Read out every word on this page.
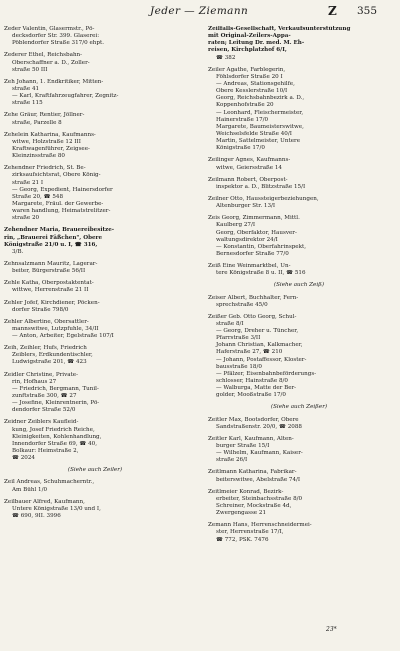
Jeder — Ziemann	Z 355
Zeder Valentin, Glasermstr., Pö-
decksdorfer Str. 399. Glaserei:
Pöblendorfer Straße 317/0 ehpt.
Zederer Ethel, Reichsbahn-
Oberschaffner a. D., Zoller-
straße 50 III
Zeh Johann, 1. Endkritiker, Mitten-
straße 41
— Karl, Kraftfahrzeugfahrer, Zegnitz-
straße 115
Zehe Gräur, Rentier, Jöllner-
straße, Parzelle 8
Zehelein Katharina, Kaufmanns-
witwe, Holzstraße 12 III
Kraftwagenführer, Zeigsee-
Kleinzinsstraße 80
Zehendner Friedrich, St. Be-
zirksaufsichtsrat, Obere König-
straße 21 I
— Georg, Expedient, Hainersdorfer
Straße 20, ☎ 548
Margarete, Fräul. der Gewerbe-
waren handlung, Heimatstrelitzer-
straße 20
Zehendner Maria, Brauereibesitze-
rin, „Brauerei Fäßchen", Obere
Königstraße 21/0 u. I, ☎ 316,
3/B.
Zehnsalzmann Mauritz, Lagerar-
beiter, Bürgerstraße 56/II
Zehle Katha, Oberpostaktentat-
wittwe, Herrenstraße 21 II
Zehler Jofef, Kirchdiener, Pöcken-
dorfer Straße 798/0
Zehler Albertine, Obersattler-
mannswitwe, Lutzpfuhle, 34/II
— Anton, Arbeiter, Egelstraße 107/I
Zeih, Zeihler, Hufs, Friedrich
Zeiblers, Erdkundentischler,
Ludwigstraße 201, ☎ 423
Zeidler Christine, Private-
rin, Hofhaus 27
— Friedrich, Bergmann, Tunil-
zunftstraße 300, ☎ 27
— Josefine, Kleinrentnerin, Pö-
dendorfer Straße 52/0
Zeidner Zeiblers Kaufleid-
kung, Josef Friedrich Reiche,
Kleinigkeiten, Kohlenhandlung,
Innendorfer Straße 69, ☎ 40,
Bolkaur: Heimstraße 2,
☎ 2024
(Siehe auch Zeiler)
Zeil Andreas, Schuhmacherntr.,
Am Bühl 1/0
Zeilbauer Alfred, Kaufmann,
Untere Königstraße 13/0 und I,
☎ 690, 9II. 3996
Zeilfalls-Gesellschaft, Verkaufsunterstützung
mit Original-Zeilers-Appa-
raten; Leitung Dr. med. M. Eh-
reisen, Kirchplatzhof 6/I,
☎ 382
Zeiler Agathe, Farblegerin,
Föhlsdorfer Straße 20 I
— Andreas, Stationsgehilfe,
Obere Kesslerstraße 10/I
Georg, Reichsbahnbezirk a. D.,
Koppenhofstraße 20
— Leonhard, Fleischermeister,
Hainerstraße 17/0
Margarete, Baumeisterswitwe,
Weichselsfelde Straße 40/I
Martin, Sattelmeister, Untere
Königstraße 17/0
Zeilinger Agnes, Kaufmanns-
witwe, Geiersstraße 14
Zeilmann Robert, Oberpost-
inspektor a. D., Blitzstraße 15/I
Zeilner Otto, Haussteigerbeziehungen,
Altenburger Str. 13/I
Zeis Georg, Zimmermann, Mittl.
Kaulberg 27/I
Georg, Oberfaktor, Hausver-
waltungsdirektor 24/I
— Konstantin, Oberfahrinspekt,
Bernesdorfer Straße 77/0
Zeiß Eine Weinmarktbel, Un-
tere Königstraße 8 u. II, ☎ 516
(Siehe auch Zeiß)
Zeiser Albert, Buchhalter, Fern-
sprechstraße 45/0
Zeißer Geb. Otto Georg, Schul-
straße 8/I
— Georg, Dreher u. Tüncher,
Pfarrstraße 3/II
Johann Christian, Kalkmacher,
Haferstraße 27, ☎ 210
— Johann, Postaffessor, Kloster-
bausstraße 18/0
— Pfälzer, Eisenbahnbeförderungs-
schlosser, Hainstraße 8/0
— Walburga, Matte der Ber-
golder, Mooßstraße 17/0
(Siehe auch Zeißer)
Zeitler Max, Bootsdorfer, Obere
Sandstraßenstr. 20/0, ☎ 2088
Zeitler Karl, Kaufmann, Alten-
burger Straße 15/I
— Wilhelm, Kaufmann, Kaiser-
straße 26/I
Zeitlmann Katharina, Fabrikar-
beiterswitwe, Abelstraße 74/I
Zeitlmeier Konrad, Bezirk-
erbeiter, Steinbachsstraße 8/0
Schreiner, Mockstraße 4d,
Zwergengasse 21
Zemann Hans, Herrenschneidermei-
ster, Herrenstraße 17/I,
☎ 772, PSK. 7476
23*
